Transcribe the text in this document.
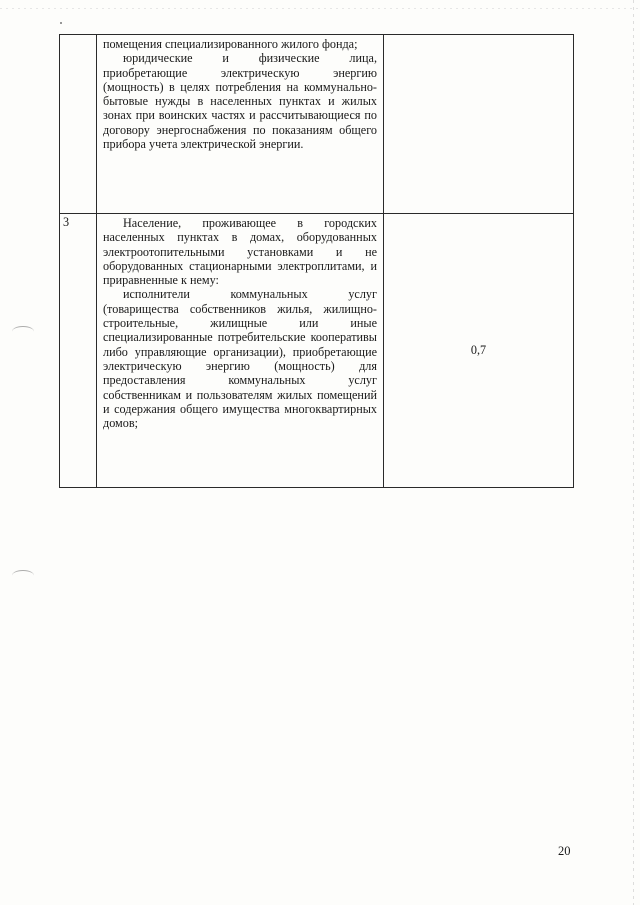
	помещения специализированного жилого фонда;
юридические и физические лица, приобретающие электрическую энергию (мощность) в целях потребления на коммунально-бытовые нужды в населенных пунктах и жилых зонах при воинских частях и рассчитывающиеся по договору энергоснабжения по показаниям общего прибора учета электрической энергии.	

3	Население, проживающее в городских населенных пунктах в домах, оборудованных электроотопительными установками и не оборудованных стационарными электроплитами, и приравненные к нему:
исполнители коммунальных услуг (товарищества собственников жилья, жилищно-строительные, жилищные или иные специализированные потребительские кооперативы либо управляющие организации), приобретающие электрическую энергию (мощность) для предоставления коммунальных услуг собственникам и пользователям жилых помещений и содержания общего имущества многоквартирных домов;	0,7
20
